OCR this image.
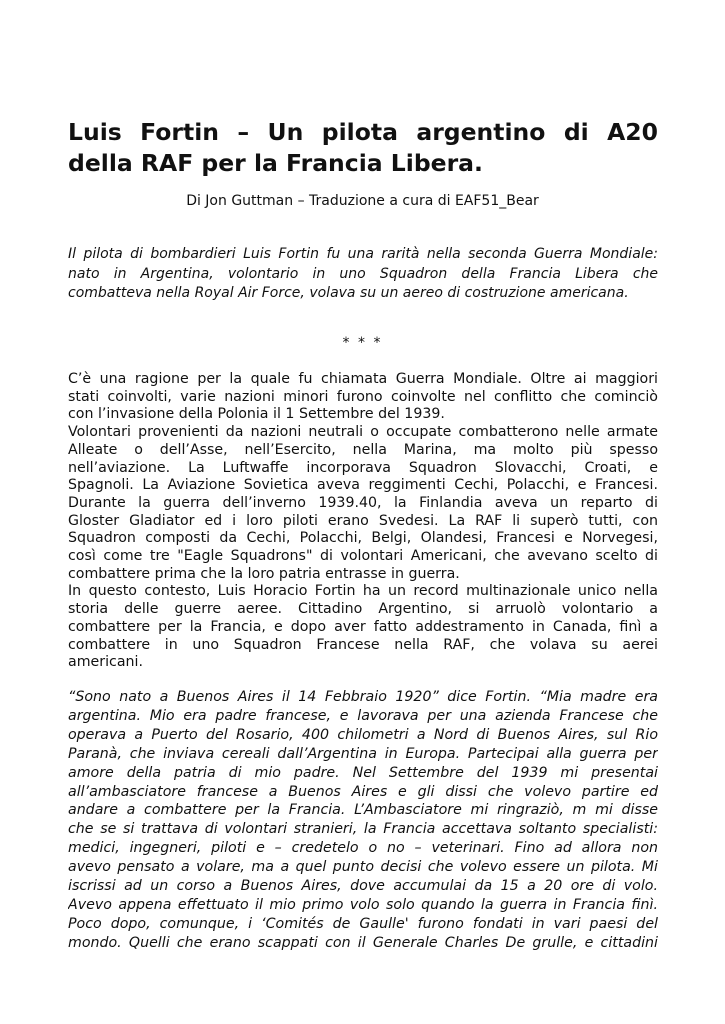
Luis Fortin – Un pilota argentino di A20
della RAF per la Francia Libera.
Di Jon Guttman – Traduzione a cura di EAF51_Bear
Il pilota di bombardieri Luis Fortin fu una rarità nella seconda Guerra Mondiale:
nato in Argentina, volontario in uno Squadron della Francia Libera che
combatteva nella Royal Air Force, volava su un aereo di costruzione americana.
* * *
C’è una ragione per la quale fu chiamata Guerra Mondiale. Oltre ai maggiori
stati coinvolti, varie nazioni minori furono coinvolte nel conflitto che cominciò
con l’invasione della Polonia il 1 Settembre del 1939.
Volontari provenienti da nazioni neutrali o occupate combatterono nelle armate
Alleate o dell’Asse, nell’Esercito, nella Marina, ma molto più spesso
nell’aviazione. La Luftwaffe incorporava Squadron Slovacchi, Croati, e
Spagnoli. La Aviazione Sovietica aveva reggimenti Cechi, Polacchi, e Francesi.
Durante la guerra dell’inverno 1939.40, la Finlandia aveva un reparto di
Gloster Gladiator ed i loro piloti erano Svedesi. La RAF li superò tutti, con
Squadron composti da Cechi, Polacchi, Belgi, Olandesi, Francesi e Norvegesi,
così come tre "Eagle Squadrons" di volontari Americani, che avevano scelto di
combattere prima che la loro patria entrasse in guerra.
In questo contesto, Luis Horacio Fortin ha un record multinazionale unico nella
storia delle guerre aeree. Cittadino Argentino, si arruolò volontario a
combattere per la Francia, e dopo aver fatto addestramento in Canada, finì a
combattere in uno Squadron Francese nella RAF, che volava su aerei
americani.
“Sono nato a Buenos Aires il 14 Febbraio 1920” dice Fortin. “Mia madre era
argentina. Mio era padre francese, e lavorava per una azienda Francese che
operava a Puerto del Rosario, 400 chilometri a Nord di Buenos Aires, sul Rio
Paranà, che inviava cereali dall’Argentina in Europa. Partecipai alla guerra per
amore della patria di mio padre. Nel Settembre del 1939 mi presentai
all’ambasciatore francese a Buenos Aires e gli dissi che volevo partire ed
andare a combattere per la Francia. L’Ambasciatore mi ringraziò, m mi disse
che se si trattava di volontari stranieri, la Francia accettava soltanto specialisti:
medici, ingegneri, piloti e – credetelo o no – veterinari. Fino ad allora non
avevo pensato a volare, ma a quel punto decisi che volevo essere un pilota. Mi
iscrissi ad un corso a Buenos Aires, dove accumulai da 15 a 20 ore di volo.
Avevo appena effettuato il mio primo volo solo quando la guerra in Francia finì.
Poco dopo, comunque, i ‘Comités de Gaulle' furono fondati in vari paesi del
mondo. Quelli che erano scappati con il Generale Charles De grulle, e cittadini
